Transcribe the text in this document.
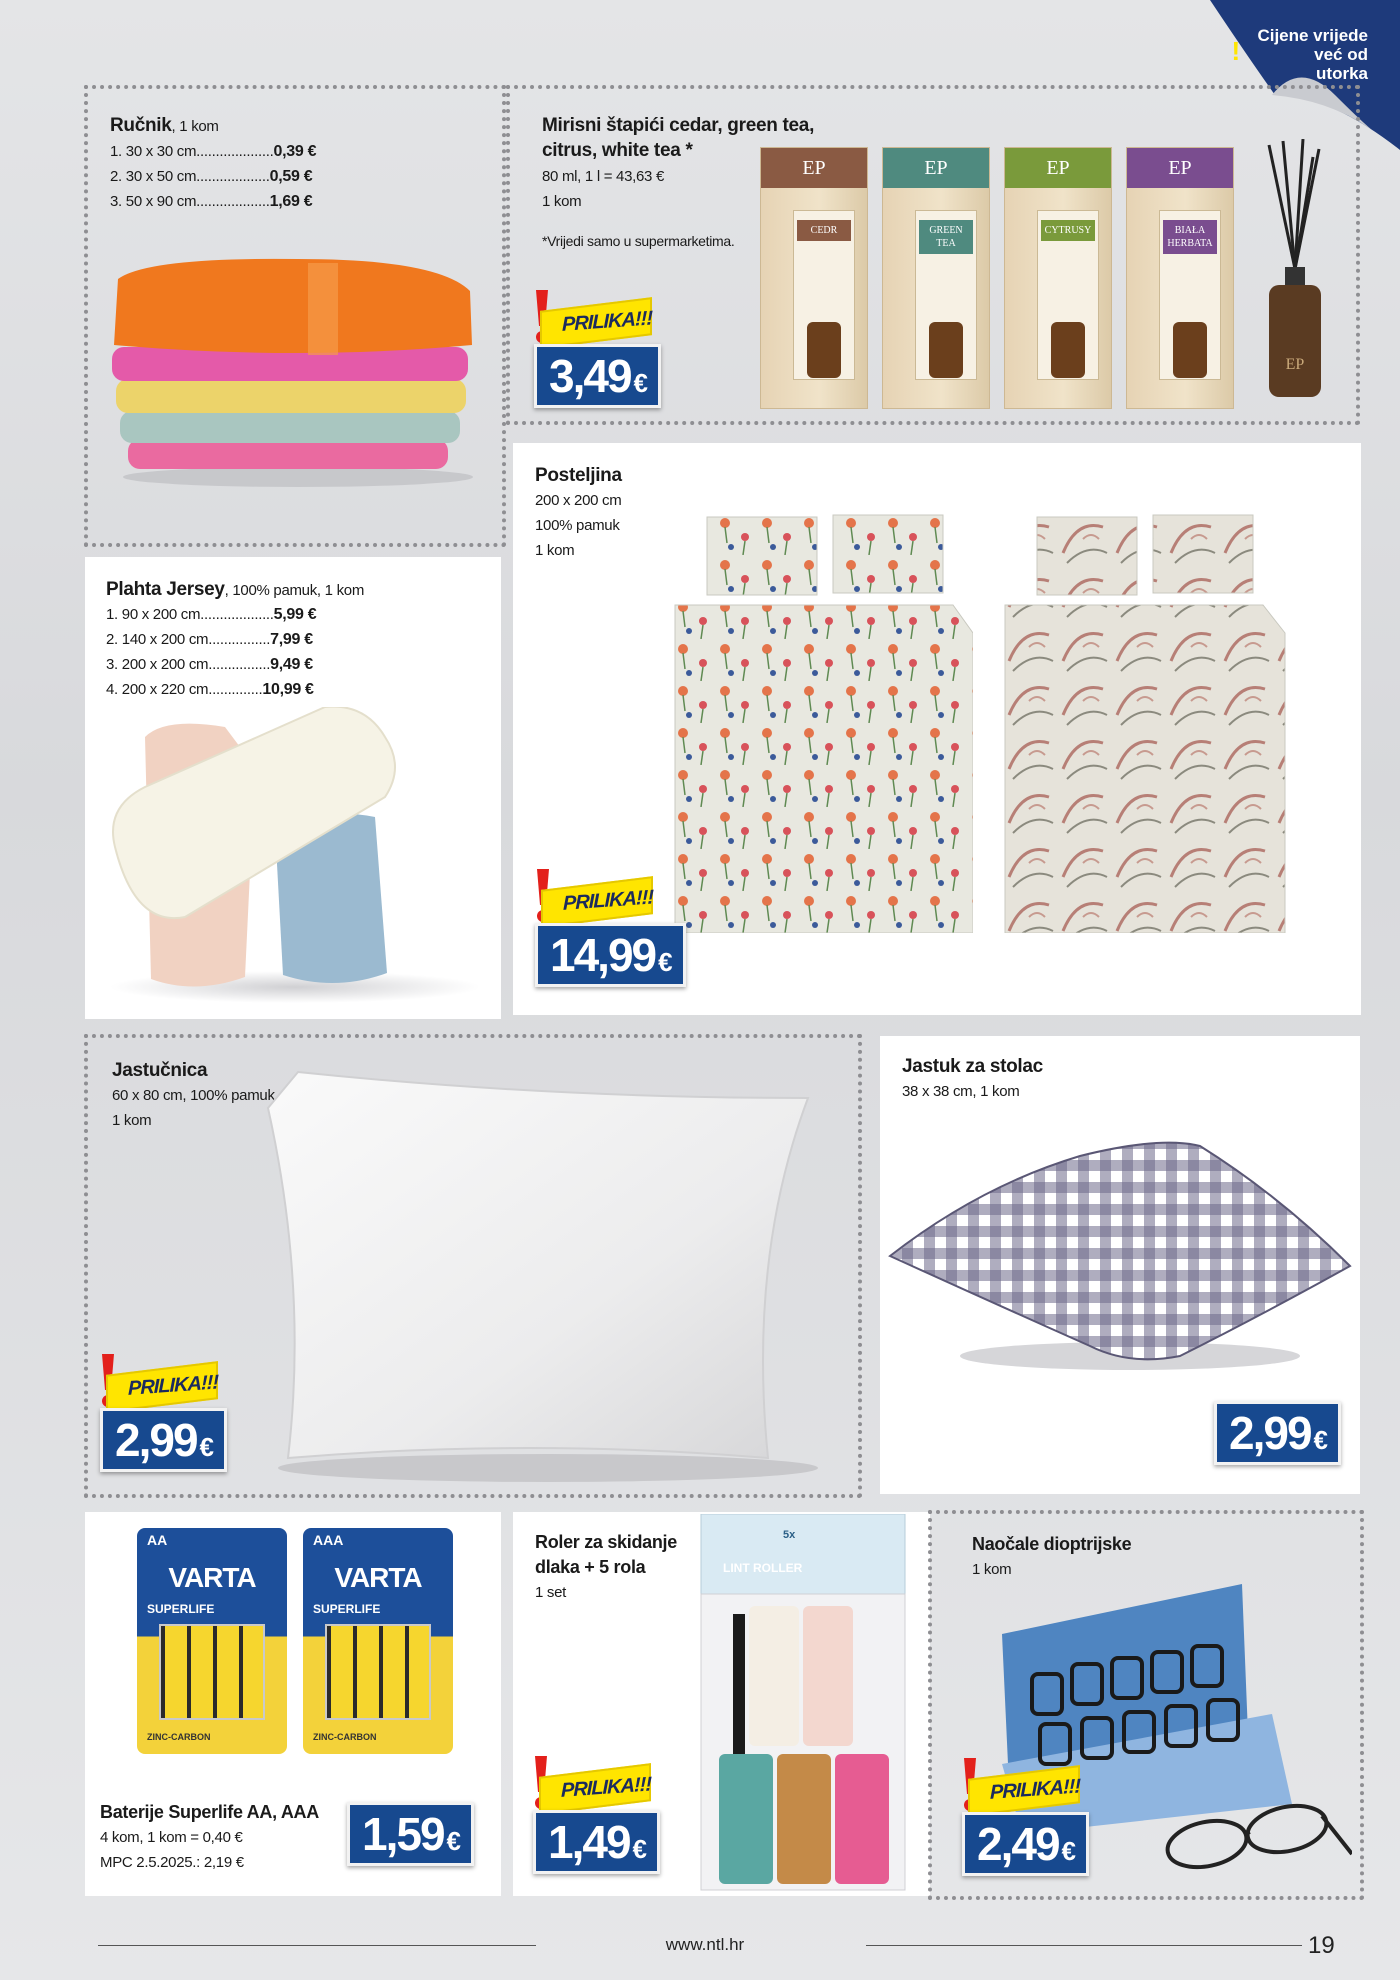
Cijene vrijede
već od
utorka
!
Ručnik, 1 kom
1. 30 x 30 cm....................0,39 €
2. 30 x 50 cm...................0,59 €
3. 50 x 90 cm...................1,69 €
Mirisni štapići cedar, green tea,
citrus, white tea *
80 ml, 1 l = 43,63 €
1 kom
*Vrijedi samo u supermarketima.
EP
CEDR
EP
GREEN TEA
EP
CYTRUSY
EP
BIAŁA HERBATA
EP
PRILIKA!!!
3,49 €
Plahta Jersey, 100% pamuk, 1 kom
1. 90 x 200 cm...................5,99 €
2. 140 x 200 cm................7,99 €
3. 200 x 200 cm................9,49 €
4. 200 x 220 cm..............10,99 €
Posteljina
200 x 200 cm
100% pamuk
1 kom
PRILIKA!!!
14,99 €
Jastučnica
60 x 80 cm, 100% pamuk
1 kom
PRILIKA!!!
2,99 €
Jastuk za stolac
38 x 38 cm, 1 kom
2,99 €
AA
VARTA
SUPERLIFE
ZINC-CARBON
AAA
VARTA
SUPERLIFE
ZINC-CARBON
Baterije Superlife AA, AAA
4 kom, 1 kom = 0,40 €
MPC 2.5.2025.: 2,19 €
1,59 €
Roler za skidanje
dlaka + 5 rola
1 set
LINT ROLLER
5x
PRILIKA!!!
1,49 €
Naočale dioptrijske
1 kom
PRILIKA!!!
2,49 €
www.ntl.hr	19
